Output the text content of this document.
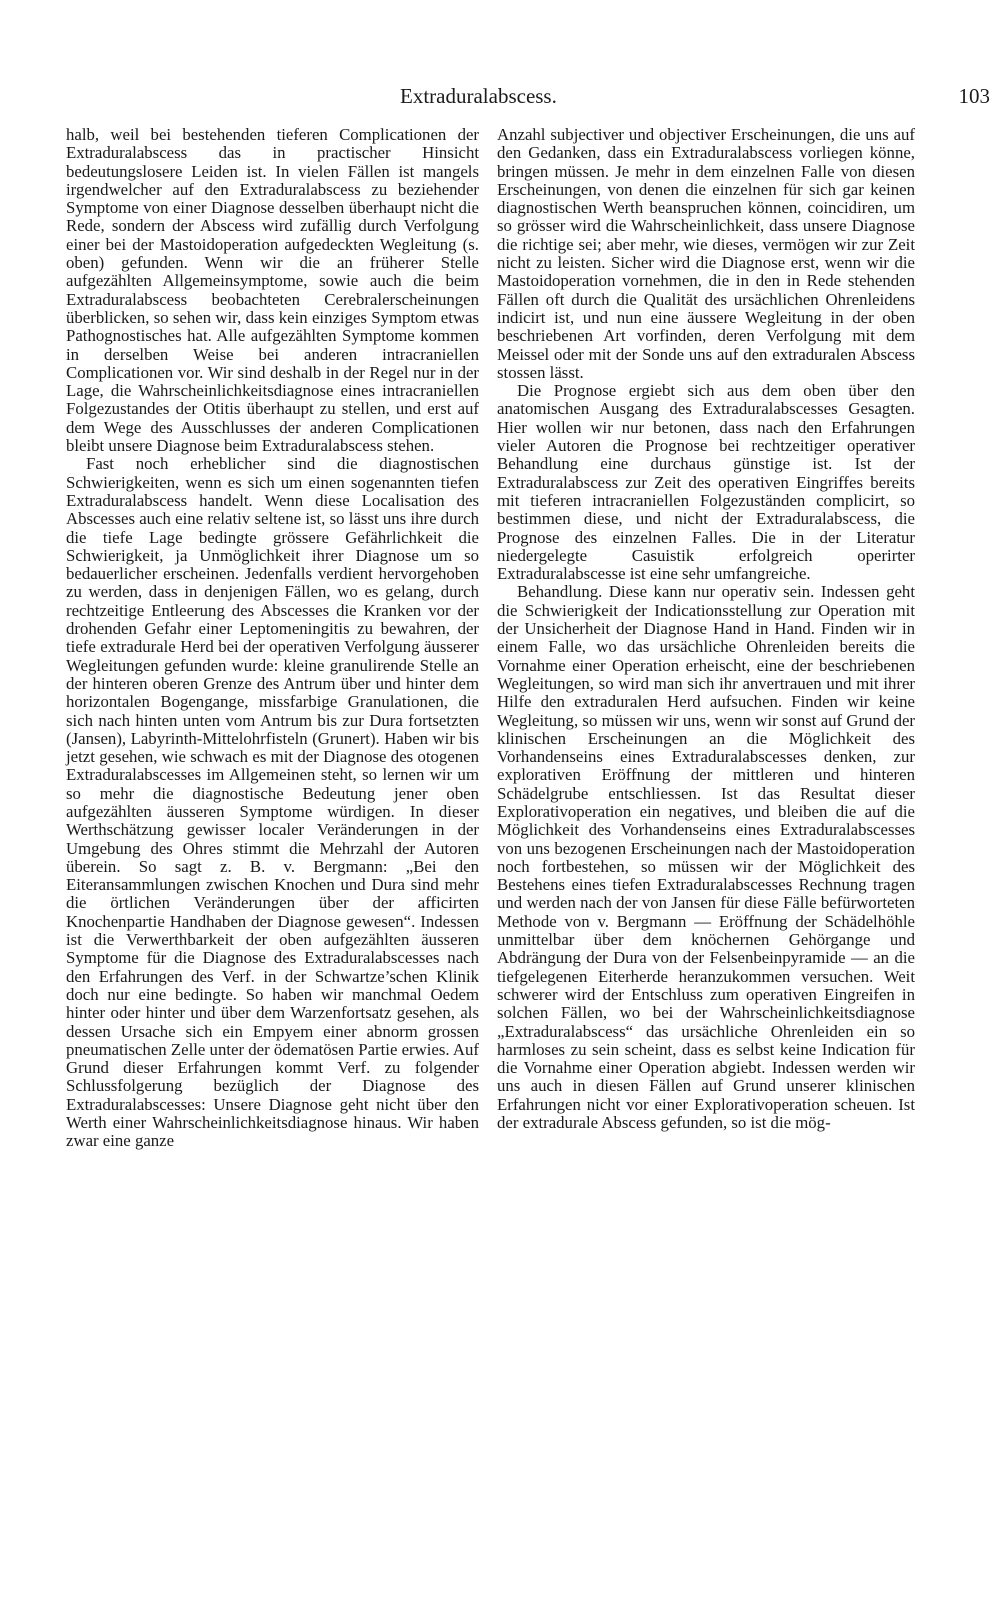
Extraduralabscess.	103

halb, weil bei bestehenden tieferen Complicationen der Extraduralabscess das in practischer Hinsicht bedeutungslosere Leiden ist. In vielen Fällen ist mangels irgendwelcher auf den Extraduralabscess zu beziehender Symptome von einer Diagnose desselben überhaupt nicht die Rede, sondern der Abscess wird zufällig durch Verfolgung einer bei der Mastoidoperation aufgedeckten Wegleitung (s. oben) gefunden. Wenn wir die an früherer Stelle aufgezählten Allgemeinsymptome, sowie auch die beim Extraduralabscess beobachteten Cerebralerscheinungen überblicken, so sehen wir, dass kein einziges Symptom etwas Pathognostisches hat. Alle aufgezählten Symptome kommen in derselben Weise bei anderen intracraniellen Complicationen vor. Wir sind deshalb in der Regel nur in der Lage, die Wahrscheinlichkeitsdiagnose eines intracraniellen Folgezustandes der Otitis überhaupt zu stellen, und erst auf dem Wege des Ausschlusses der anderen Complicationen bleibt unsere Diagnose beim Extraduralabscess stehen.

Fast noch erheblicher sind die diagnostischen Schwierigkeiten, wenn es sich um einen sogenannten tiefen Extraduralabscess handelt. Wenn diese Localisation des Abscesses auch eine relativ seltene ist, so lässt uns ihre durch die tiefe Lage bedingte grössere Gefährlichkeit die Schwierigkeit, ja Unmöglichkeit ihrer Diagnose um so bedauerlicher erscheinen. Jedenfalls verdient hervorgehoben zu werden, dass in denjenigen Fällen, wo es gelang, durch rechtzeitige Entleerung des Abscesses die Kranken vor der drohenden Gefahr einer Leptomeningitis zu bewahren, der tiefe extradurale Herd bei der operativen Verfolgung äusserer Wegleitungen gefunden wurde: kleine granulirende Stelle an der hinteren oberen Grenze des Antrum über und hinter dem horizontalen Bogengange, missfarbige Granulationen, die sich nach hinten unten vom Antrum bis zur Dura fortsetzten (Jansen), Labyrinth-Mittelohrfisteln (Grunert). Haben wir bis jetzt gesehen, wie schwach es mit der Diagnose des otogenen Extraduralabscesses im Allgemeinen steht, so lernen wir um so mehr die diagnostische Bedeutung jener oben aufgezählten äusseren Symptome würdigen. In dieser Werthschätzung gewisser localer Veränderungen in der Umgebung des Ohres stimmt die Mehrzahl der Autoren überein. So sagt z. B. v. Bergmann: „Bei den Eiteransammlungen zwischen Knochen und Dura sind mehr die örtlichen Veränderungen über der afficirten Knochenpartie Handhaben der Diagnose gewesen“. Indessen ist die Verwerthbarkeit der oben aufgezählten äusseren Symptome für die Diagnose des Extraduralabscesses nach den Erfahrungen des Verf. in der Schwartze’schen Klinik doch nur eine bedingte. So haben wir manchmal Oedem hinter oder hinter und über dem Warzenfortsatz gesehen, als dessen Ursache sich ein Empyem einer abnorm grossen pneumatischen Zelle unter der ödematösen Partie erwies. Auf Grund dieser Erfahrungen kommt Verf. zu folgender Schlussfolgerung bezüglich der Diagnose des Extraduralabscesses: Unsere Diagnose geht nicht über den Werth einer Wahrscheinlichkeitsdiagnose hinaus. Wir haben zwar eine ganze

Anzahl subjectiver und objectiver Erscheinungen, die uns auf den Gedanken, dass ein Extraduralabscess vorliegen könne, bringen müssen. Je mehr in dem einzelnen Falle von diesen Erscheinungen, von denen die einzelnen für sich gar keinen diagnostischen Werth beanspruchen können, coincidiren, um so grösser wird die Wahrscheinlichkeit, dass unsere Diagnose die richtige sei; aber mehr, wie dieses, vermögen wir zur Zeit nicht zu leisten. Sicher wird die Diagnose erst, wenn wir die Mastoidoperation vornehmen, die in den in Rede stehenden Fällen oft durch die Qualität des ursächlichen Ohrenleidens indicirt ist, und nun eine äussere Wegleitung in der oben beschriebenen Art vorfinden, deren Verfolgung mit dem Meissel oder mit der Sonde uns auf den extraduralen Abscess stossen lässt.

Die Prognose ergiebt sich aus dem oben über den anatomischen Ausgang des Extraduralabscesses Gesagten. Hier wollen wir nur betonen, dass nach den Erfahrungen vieler Autoren die Prognose bei rechtzeitiger operativer Behandlung eine durchaus günstige ist. Ist der Extraduralabscess zur Zeit des operativen Eingriffes bereits mit tieferen intracraniellen Folgezuständen complicirt, so bestimmen diese, und nicht der Extraduralabscess, die Prognose des einzelnen Falles. Die in der Literatur niedergelegte Casuistik erfolgreich operirter Extraduralabscesse ist eine sehr umfangreiche.

Behandlung. Diese kann nur operativ sein. Indessen geht die Schwierigkeit der Indicationsstellung zur Operation mit der Unsicherheit der Diagnose Hand in Hand. Finden wir in einem Falle, wo das ursächliche Ohrenleiden bereits die Vornahme einer Operation erheischt, eine der beschriebenen Wegleitungen, so wird man sich ihr anvertrauen und mit ihrer Hilfe den extraduralen Herd aufsuchen. Finden wir keine Wegleitung, so müssen wir uns, wenn wir sonst auf Grund der klinischen Erscheinungen an die Möglichkeit des Vorhandenseins eines Extraduralabscesses denken, zur explorativen Eröffnung der mittleren und hinteren Schädelgrube entschliessen. Ist das Resultat dieser Explorativoperation ein negatives, und bleiben die auf die Möglichkeit des Vorhandenseins eines Extraduralabscesses von uns bezogenen Erscheinungen nach der Mastoidoperation noch fortbestehen, so müssen wir der Möglichkeit des Bestehens eines tiefen Extraduralabscesses Rechnung tragen und werden nach der von Jansen für diese Fälle befürworteten Methode von v. Bergmann — Eröffnung der Schädelhöhle unmittelbar über dem knöchernen Gehörgange und Abdrängung der Dura von der Felsenbeinpyramide — an die tiefgelegenen Eiterherde heranzukommen versuchen. Weit schwerer wird der Entschluss zum operativen Eingreifen in solchen Fällen, wo bei der Wahrscheinlichkeitsdiagnose „Extraduralabscess“ das ursächliche Ohrenleiden ein so harmloses zu sein scheint, dass es selbst keine Indication für die Vornahme einer Operation abgiebt. Indessen werden wir uns auch in diesen Fällen auf Grund unserer klinischen Erfahrungen nicht vor einer Explorativoperation scheuen. Ist der extradurale Abscess gefunden, so ist die mög-
